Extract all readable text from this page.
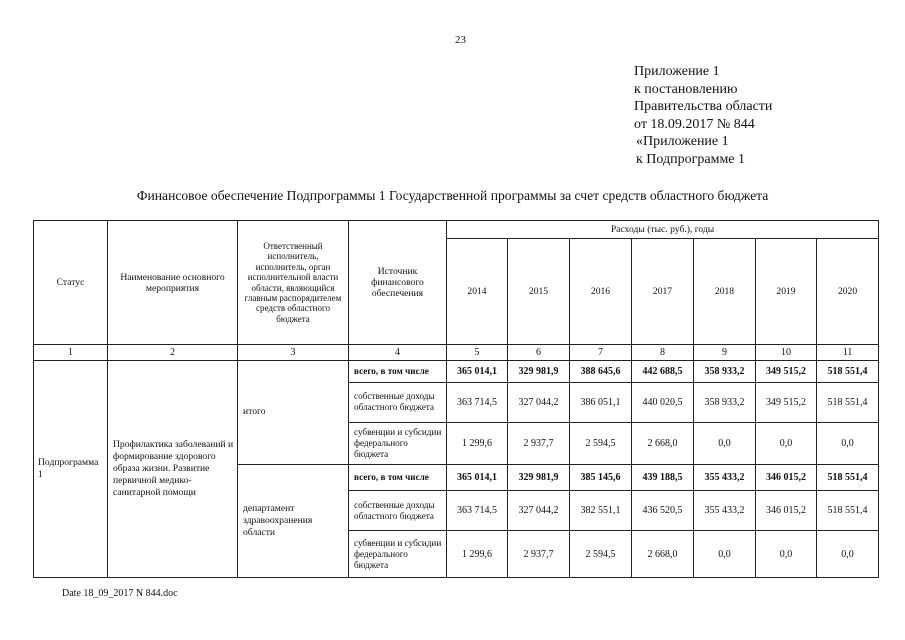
23
Приложение 1
к постановлению
Правительства области
от 18.09.2017 № 844
«Приложение 1
к Подпрограмме 1
Финансовое обеспечение Подпрограммы 1 Государственной программы за счет средств областного бюджета
Статус	Наименование основного мероприятия	Ответственный исполнитель, исполнитель, орган исполнительной власти области, являющийся главным распорядителем средств областного бюджета	Источник финансового обеспечения	Расходы (тыс. руб.), годы						
				2014	2015	2016	2017	2018	2019	2020
1	2	3	4	5	6	7	8	9	10	11
Подпрограмма 1	Профилактика заболеваний и формирование здорового образа жизни. Развитие первичной медико-санитарной помощи	итого	всего, в том числе	365 014,1	329 981,9	388 645,6	442 688,5	358 933,2	349 515,2	518 551,4
			собственные доходы областного бюджета	363 714,5	327 044,2	386 051,1	440 020,5	358 933,2	349 515,2	518 551,4
			субвенции и субсидии федерального бюджета	1 299,6	2 937,7	2 594,5	2 668,0	0,0	0,0	0,0
		департамент здравоохранения области	всего, в том числе	365 014,1	329 981,9	385 145,6	439 188,5	355 433,2	346 015,2	518 551,4
			собственные доходы областного бюджета	363 714,5	327 044,2	382 551,1	436 520,5	355 433,2	346 015,2	518 551,4
			субвенции и субсидии федерального бюджета	1 299,6	2 937,7	2 594,5	2 668,0	0,0	0,0	0,0
Date 18_09_2017 N 844.doc
